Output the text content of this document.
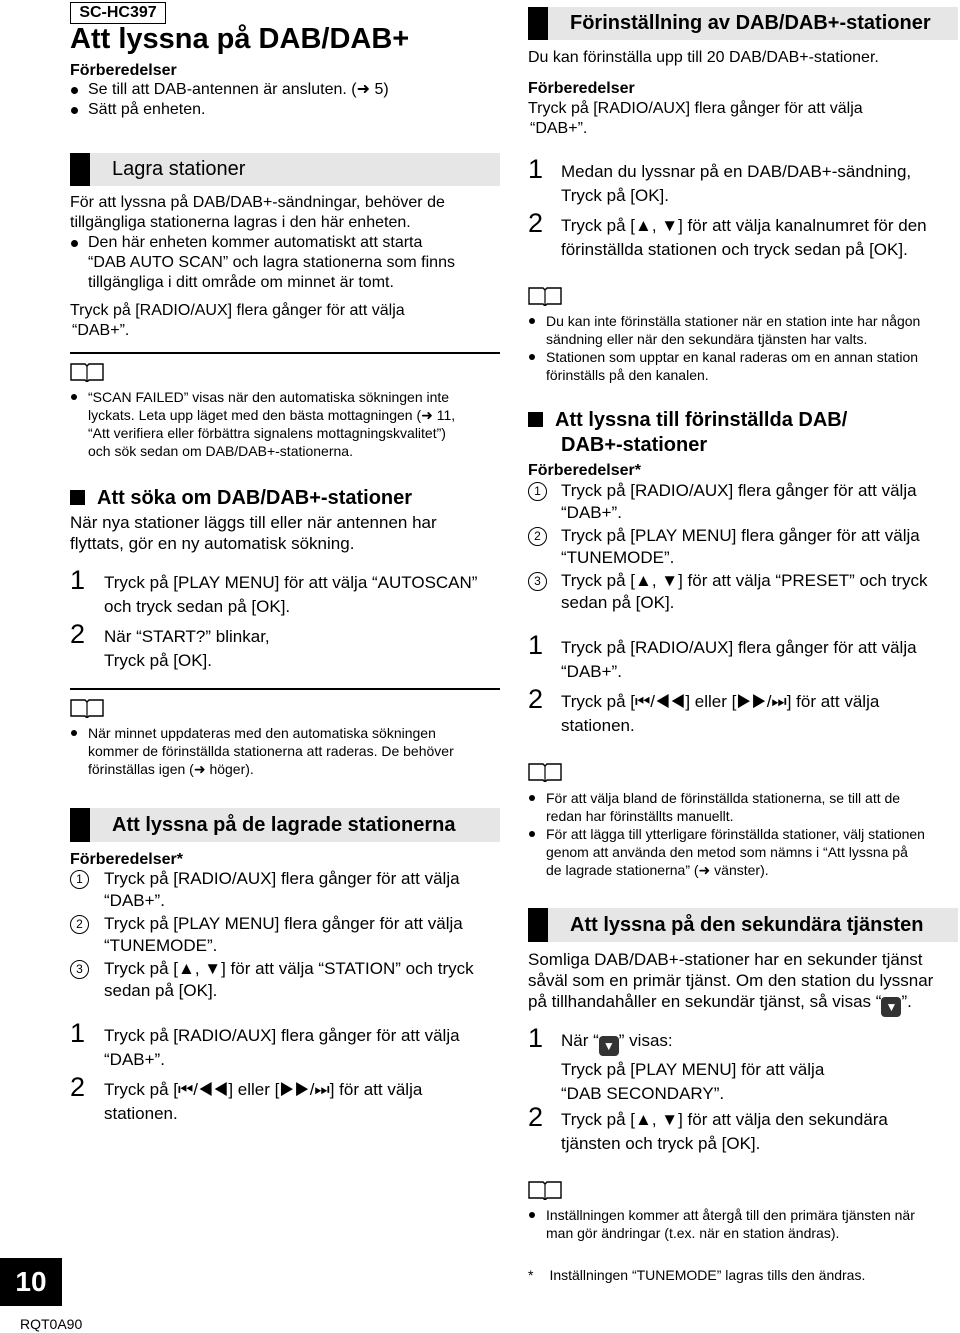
SC-HC397
Att lyssna på DAB/DAB+
Förberedelser

Se till att DAB-antennen är ansluten. (➜ 5)

Sätt på enheten.

Lagra stationer

För att lyssna på DAB/DAB+-sändningar, behöver de

tillgängliga stationerna lagras i den här enheten.

Den här enheten kommer automatiskt att starta

“DAB AUTO SCAN” och lagra stationerna som finns

tillgängliga i ditt område om minnet är tomt.

Tryck på [RADIO/AUX] flera gånger för att välja

“DAB+”.

“SCAN FAILED” visas när den automatiska sökningen inte

lyckats. Leta upp läget med den bästa mottagningen (➜ 11,

“Att verifiera eller förbättra signalens mottagningskvalitet”)

och sök sedan om DAB/DAB+-stationerna.

Att söka om DAB/DAB+-stationer

När nya stationer läggs till eller när antennen har

flyttats, gör en ny automatisk sökning.

1 Tryck på [PLAY MENU] för att välja “AUTOSCAN”

och tryck sedan på [OK].

2 När “START?” blinkar,

Tryck på [OK].

När minnet uppdateras med den automatiska sökningen

kommer de förinställda stationerna att raderas. De behöver

förinställas igen (➜ höger).

Att lyssna på de lagrade stationerna
Förberedelser*
1	Tryck på [RADIO/AUX] flera gånger för att välja

“DAB+”.

2	Tryck på [PLAY MENU] flera gånger för att välja

“TUNEMODE”.

3	Tryck på [▲, ▼] för att välja “STATION” och tryck

sedan på [OK].

1 Tryck på [RADIO/AUX] flera gånger för att välja

“DAB+”.

2 Tryck på [⏮/◀◀] eller [▶▶/⏭] för att välja

stationen.

Förinställning av DAB/DAB+-stationer

Du kan förinställa upp till 20 DAB/DAB+-stationer.

Förberedelser

Tryck på [RADIO/AUX] flera gånger för att välja

“DAB+”.

1 Medan du lyssnar på en DAB/DAB+-sändning,

Tryck på [OK].

2 Tryck på [▲, ▼] för att välja kanalnumret för den

förinställda stationen och tryck sedan på [OK].

Du kan inte förinställa stationer när en station inte har någon

sändning eller när den sekundära tjänsten har valts.

Stationen som upptar en kanal raderas om en annan station

förinställs på den kanalen.

Att lyssna till förinställda DAB/
DAB+-stationer
Förberedelser*
1	Tryck på [RADIO/AUX] flera gånger för att välja

“DAB+”.

2	Tryck på [PLAY MENU] flera gånger för att välja

“TUNEMODE”.

3	Tryck på [▲, ▼] för att välja “PRESET” och tryck

sedan på [OK].

1 Tryck på [RADIO/AUX] flera gånger för att välja

“DAB+”.

2 Tryck på [⏮/◀◀] eller [▶▶/⏭] för att välja

stationen.

För att välja bland de förinställda stationerna, se till att de

redan har förinställts manuellt.

För att lägga till ytterligare förinställda stationer, välj stationen

genom att använda den metod som nämns i “Att lyssna på

de lagrade stationerna” (➜ vänster).

Att lyssna på den sekundära tjänsten

Somliga DAB/DAB+-stationer har en sekunder tjänst

såväl som en primär tjänst. Om den station du lyssnar

på tillhandahåller en sekundär tjänst, så visas “ ▼ ”.

1 När “ ▼ ” visas:

Tryck på [PLAY MENU] för att välja

“DAB SECONDARY”.

2 Tryck på [▲, ▼] för att välja den sekundära

tjänsten och tryck på [OK].

Inställningen kommer att återgå till den primära tjänsten när

man gör ändringar (t.ex. när en station ändras).

* Inställningen “TUNEMODE” lagras tills den ändras.
10
RQT0A90
